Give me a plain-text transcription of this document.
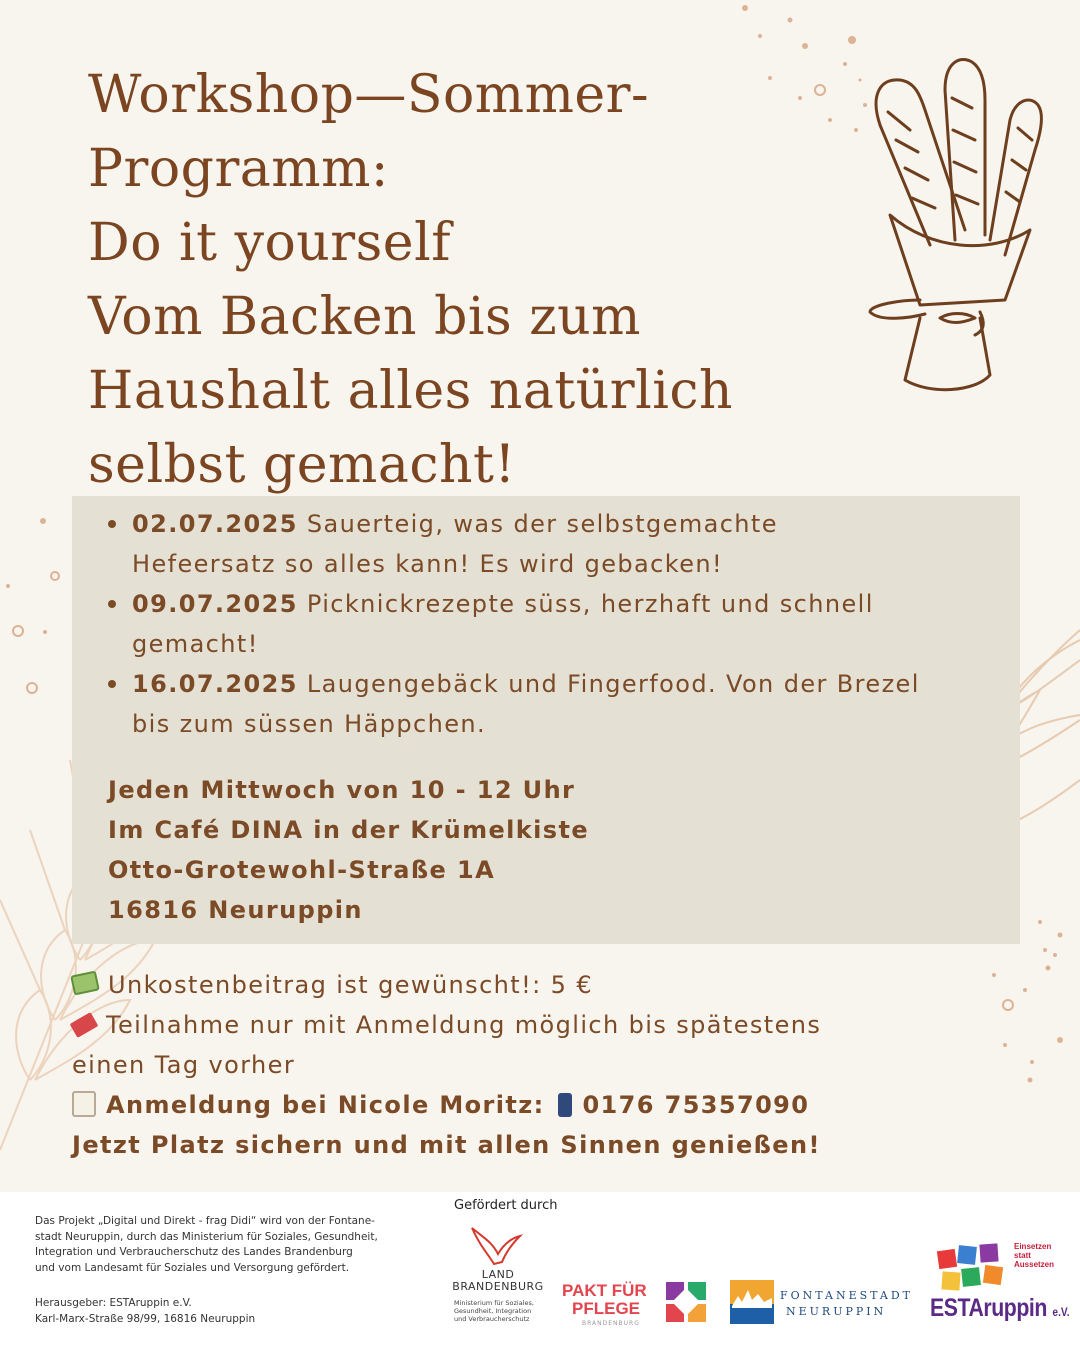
Workshop—Sommer-
Programm:
Do it yourself
Vom Backen bis zum
Haushalt alles natürlich
selbst gemacht!
02.07.2025 Sauerteig, was der selbstgemachte
Hefeersatz so alles kann! Es wird gebacken!
09.07.2025 Picknickrezepte süss, herzhaft und schnell
gemacht!
16.07.2025 Laugengebäck und Fingerfood. Von der Brezel
bis zum süssen Häppchen.
Jeden Mittwoch von 10 - 12 Uhr
Im Café DINA in der Krümelkiste
Otto-Grotewohl-Straße 1A
16816 Neuruppin
Unkostenbeitrag ist gewünscht!: 5 €
Teilnahme nur mit Anmeldung möglich bis spätestens
einen Tag vorher
Anmeldung bei Nicole Moritz: 0176 75357090
Jetzt Platz sichern und mit allen Sinnen genießen!
Das Projekt „Digital und Direkt - frag Didi“ wird von der Fontane-
stadt Neuruppin, durch das Ministerium für Soziales, Gesundheit,
Integration und Verbraucherschutz des Landes Brandenburg
und vom Landesamt für Soziales und Versorgung gefördert.
Herausgeber: ESTAruppin e.V.
Karl-Marx-Straße 98/99, 16816 Neuruppin
Gefördert durch
LAND
BRANDENBURG
Ministerium für Soziales,
Gesundheit, Integration
und Verbraucherschutz
PAKT FÜR
PFLEGE
BRANDENBURG
FONTANESTADT
NEURUPPIN
Einsetzen
statt
Aussetzen
ESTAruppin e.V.
